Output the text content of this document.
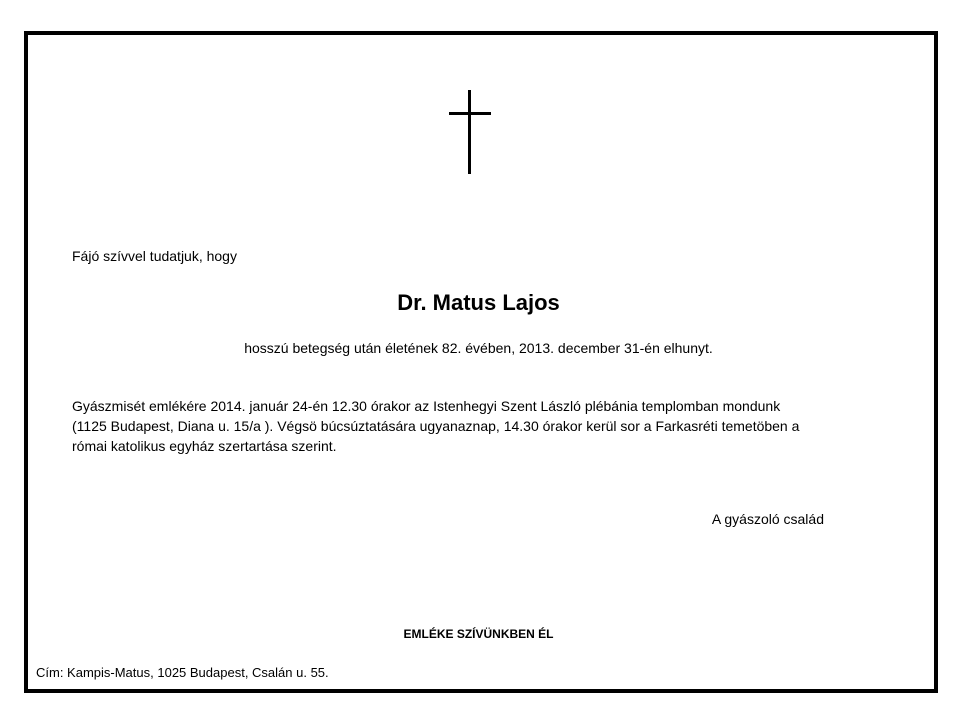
Fájó szívvel tudatjuk, hogy
Dr. Matus Lajos
hosszú betegség után életének 82. évében, 2013. december 31-én elhunyt.

Gyászmisét emlékére 2014. január 24-én 12.30 órakor az Istenhegyi Szent László plébánia templomban mondunk

(1125 Budapest, Diana u. 15/a ). Végsö búcsúztatására ugyanaznap, 14.30 órakor kerül sor a Farkasréti temetöben a

római katolikus egyház szertartása szerint.

A gyászoló család
EMLÉKE SZÍVÜNKBEN ÉL
Cím: Kampis-Matus, 1025 Budapest, Csalán u. 55.
